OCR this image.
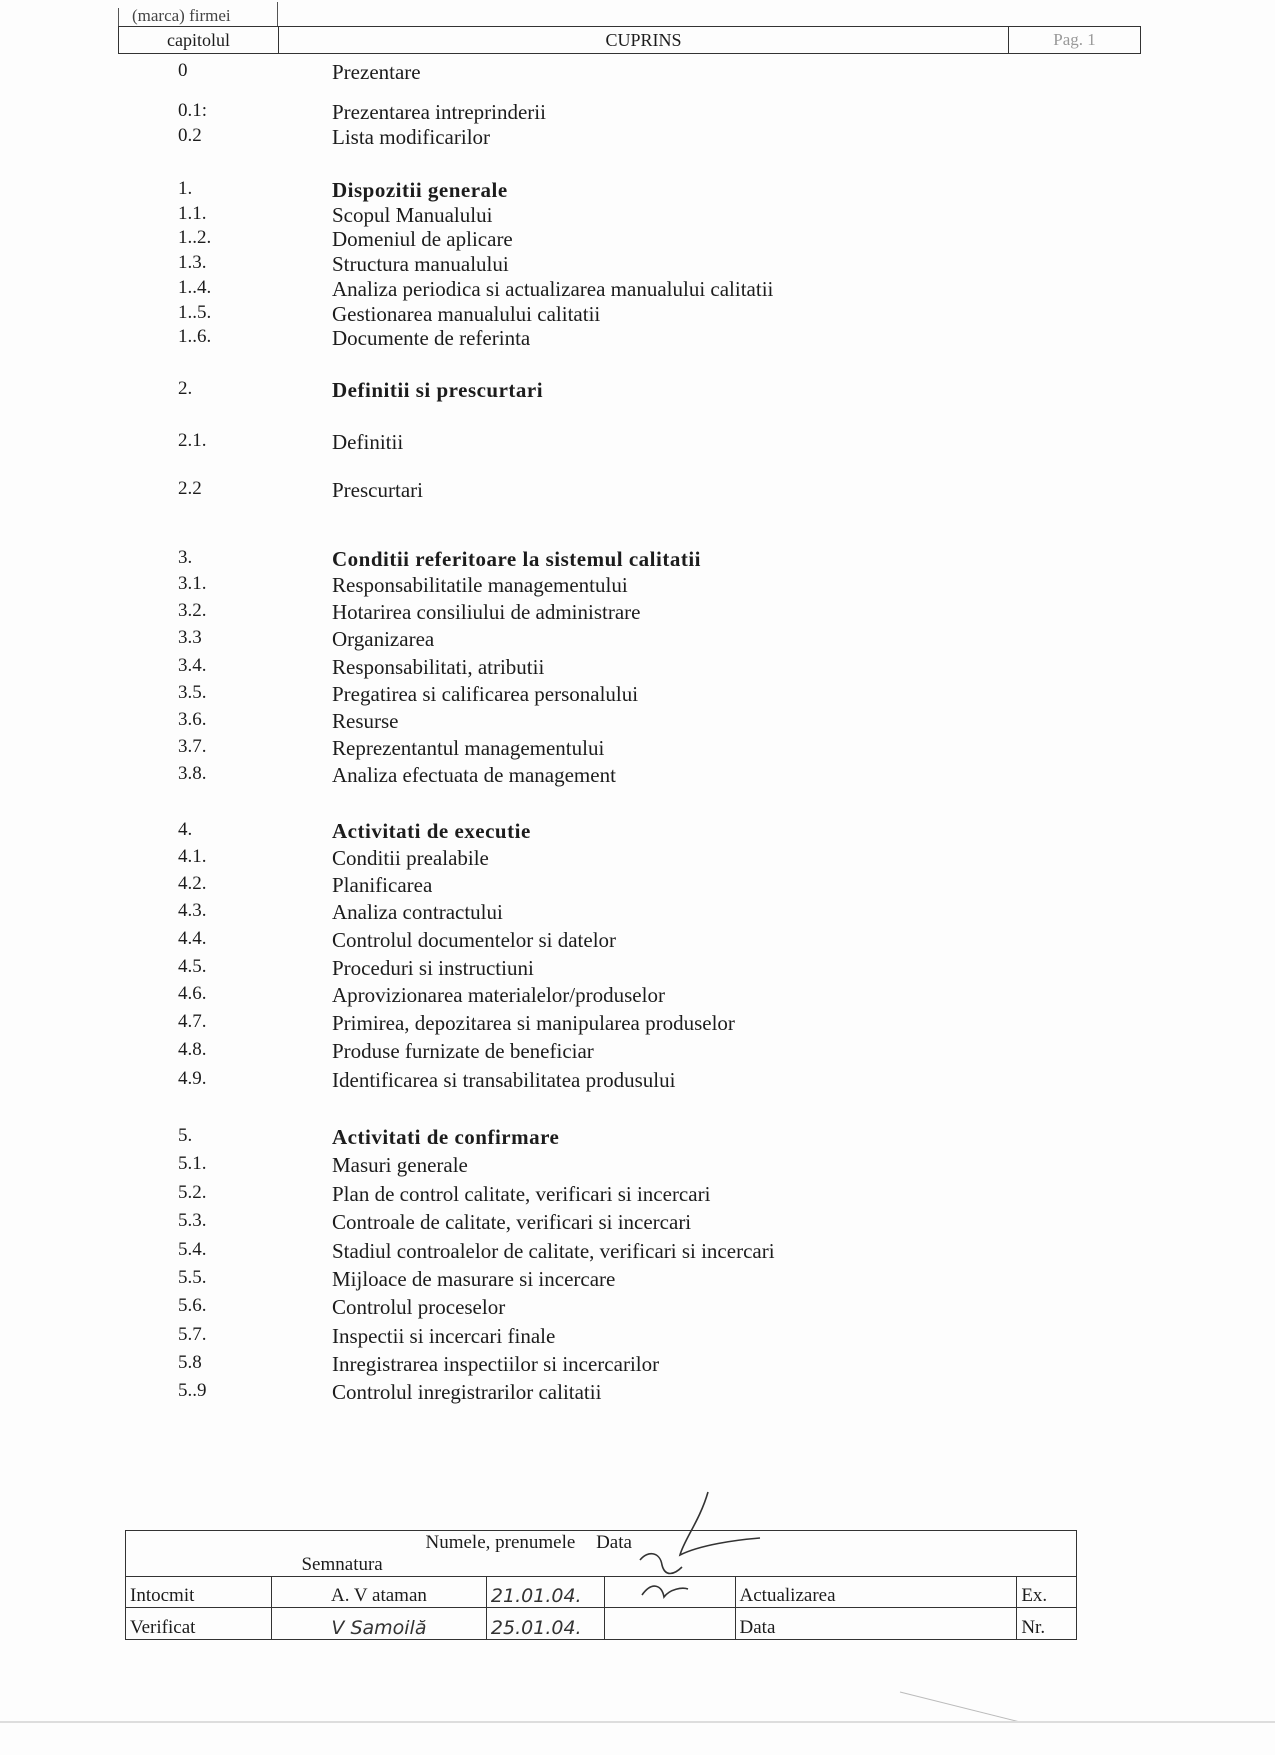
(marca) firmei
capitolul	CUPRINS	Pag. 1
0	Prezentare
0.1:	Prezentarea intreprinderii
0.2	Lista modificarilor
1.	Dispozitii generale
1.1.	Scopul Manualului
1..2.	Domeniul de aplicare
1.3.	Structura manualului
1..4.	Analiza periodica si actualizarea manualului calitatii
1..5.	Gestionarea manualului calitatii
1..6.	Documente de referinta
2.	Definitii si prescurtari
2.1.	Definitii
2.2	Prescurtari
3.	Conditii referitoare la sistemul calitatii
3.1.	Responsabilitatile managementului
3.2.	Hotarirea consiliului de administrare
3.3	Organizarea
3.4.	Responsabilitati, atributii
3.5.	Pregatirea si calificarea personalului
3.6.	Resurse
3.7.	Reprezentantul managementului
3.8.	Analiza efectuata de management
4.	Activitati de executie
4.1.	Conditii prealabile
4.2.	Planificarea
4.3.	Analiza contractului
4.4.	Controlul documentelor si datelor
4.5.	Proceduri si instructiuni
4.6.	Aprovizionarea materialelor/produselor
4.7.	Primirea, depozitarea si manipularea produselor
4.8.	Produse furnizate de beneficiar
4.9.	Identificarea si transabilitatea produsului
5.	Activitati de confirmare
5.1.	Masuri generale
5.2.	Plan de control calitate, verificari si incercari
5.3.	Controale de calitate, verificari si incercari
5.4.	Stadiul controalelor de calitate, verificari si incercari
5.5.	Mijloace de masurare si incercare
5.6.	Controlul proceselor
5.7.	Inspectii si incercari finale
5.8	Inregistrarea inspectiilor si incercarilor
5..9	Controlul inregistrarilor calitatii
	Numele, prenumele Data Semnatura				
Intocmit	A. V ataman	21.01.04.		Actualizarea	Ex.
Verificat	V Samoilă	25.01.04.		Data	Nr.
